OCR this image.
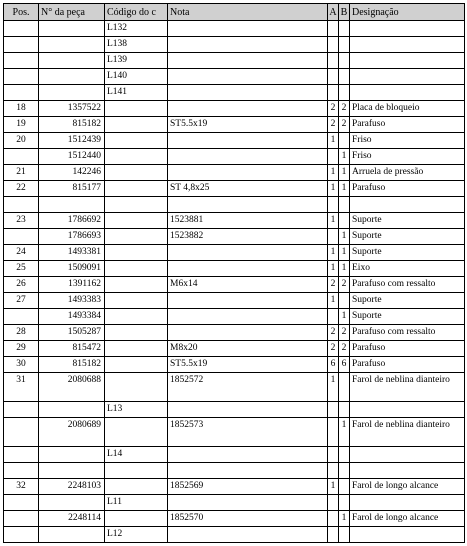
Pos.	N° da peça	Código do c	Nota	A	B	Designação
		L132				
		L138				
		L139				
		L140				
		L141				
18	1357522			2	2	Placa de bloqueio
19	815182		ST5.5x19	2	2	Parafuso
20	1512439			1		Friso
	1512440				1	Friso
21	142246			1	1	Arruela de pressão
22	815177		ST 4,8x25	1	1	Parafuso

23	1786692		1523881	1		Suporte
	1786693		1523882		1	Suporte
24	1493381			1	1	Suporte
25	1509091			1	1	Eixo
26	1391162		M6x14	2	2	Parafuso com ressalto
27	1493383			1		Suporte
	1493384				1	Suporte
28	1505287			2	2	Parafuso com ressalto
29	815472		M8x20	2	2	Parafuso
30	815182		ST5.5x19	6	6	Parafuso
31	2080688		1852572	1		Farol de neblina dianteiro
		L13				
	2080689		1852573		1	Farol de neblina dianteiro
		L14				

32	2248103		1852569	1		Farol de longo alcance
		L11				
	2248114		1852570		1	Farol de longo alcance
		L12				
